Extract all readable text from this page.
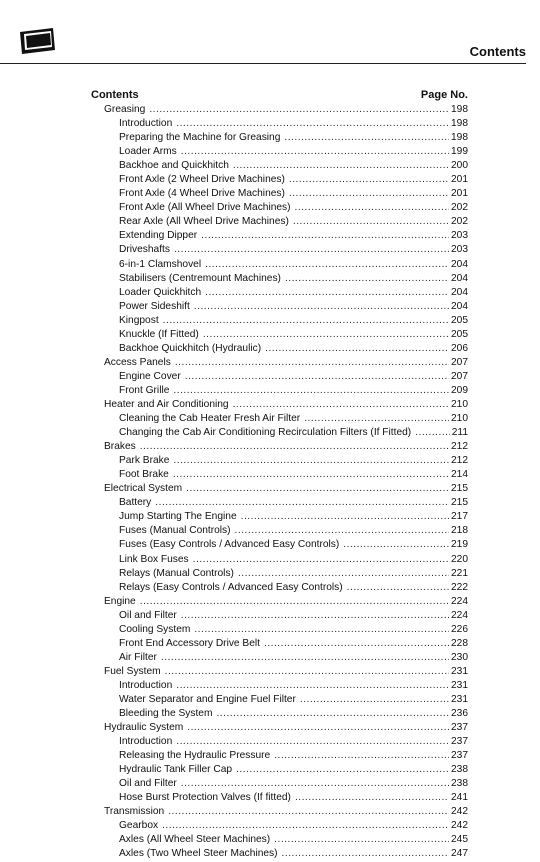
Contents
Contents	Page No.
Greasing .....	198
Introduction .....	198
Preparing the Machine for Greasing .....	198
Loader Arms .....	199
Backhoe and Quickhitch .....	200
Front Axle (2 Wheel Drive Machines) .....	201
Front Axle (4 Wheel Drive Machines) .....	201
Front Axle (All Wheel Drive Machines) .....	202
Rear Axle (All Wheel Drive Machines) .....	202
Extending Dipper .....	203
Driveshafts .....	203
6-in-1 Clamshovel .....	204
Stabilisers (Centremount Machines) .....	204
Loader Quickhitch .....	204
Power Sideshift .....	204
Kingpost .....	205
Knuckle (If Fitted) .....	205
Backhoe Quickhitch (Hydraulic) .....	206
Access Panels .....	207
Engine Cover .....	207
Front Grille .....	209
Heater and Air Conditioning .....	210
Cleaning the Cab Heater Fresh Air Filter .....	210
Changing the Cab Air Conditioning Recirculation Filters (If Fitted) .....	211
Brakes .....	212
Park Brake .....	212
Foot Brake .....	214
Electrical System .....	215
Battery .....	215
Jump Starting The Engine .....	217
Fuses (Manual Controls) .....	218
Fuses (Easy Controls / Advanced Easy Controls) .....	219
Link Box Fuses .....	220
Relays (Manual Controls) .....	221
Relays (Easy Controls / Advanced Easy Controls) .....	222
Engine .....	224
Oil and Filter .....	224
Cooling System .....	226
Front End Accessory Drive Belt .....	228
Air Filter .....	230
Fuel System .....	231
Introduction .....	231
Water Separator and Engine Fuel Filter .....	231
Bleeding the System .....	236
Hydraulic System .....	237
Introduction .....	237
Releasing the Hydraulic Pressure .....	237
Hydraulic Tank Filler Cap .....	238
Oil and Filter .....	238
Hose Burst Protection Valves (If fitted) .....	241
Transmission .....	242
Gearbox .....	242
Axles (All Wheel Steer Machines) .....	245
Axles (Two Wheel Steer Machines) .....	247
